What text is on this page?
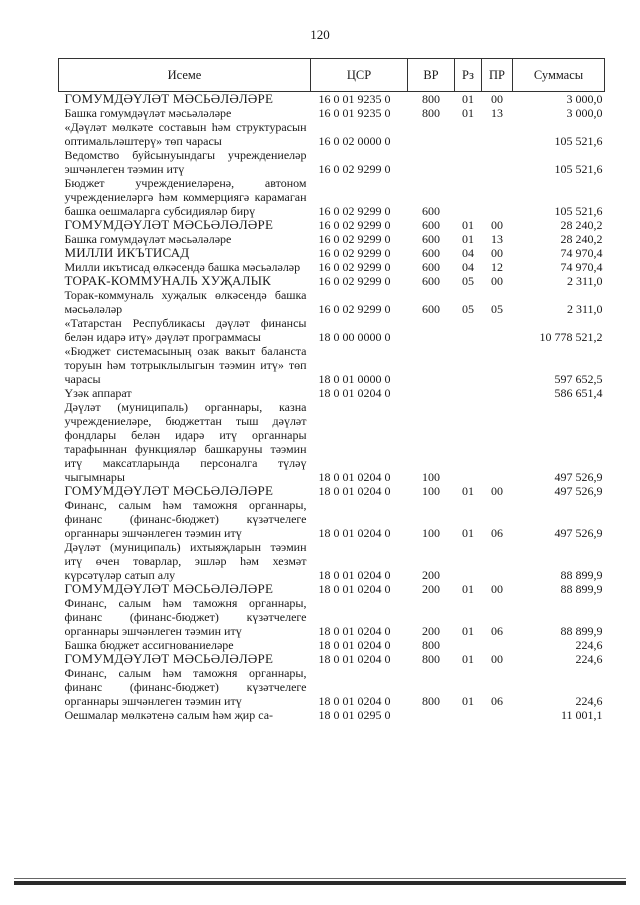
120
Исеме	ЦСР	ВР	Рз	ПР	Суммасы
ГОМУМДӘҮЛӘТ МӘСЬӘЛӘЛӘРЕ	16 0 01 9235 0	800	01	00	3 000,0
Башка гомумдәүләт мәсьәләләре	16 0 01 9235 0	800	01	13	3 000,0
«Дәүләт мөлкәте составын һәм структурасын оптимальләштерү» төп чарасы	16 0 02 0000 0				105 521,6
Ведомство буйсынуындагы учреждениеләр эшчәнлеген тәэмин итү	16 0 02 9299 0				105 521,6
Бюджет учреждениеләренә, автоном учреждениеләргә һәм коммерциягә карамаган башка оешмаларга субсидияләр бирү	16 0 02 9299 0	600			105 521,6
ГОМУМДӘҮЛӘТ МӘСЬӘЛӘЛӘРЕ	16 0 02 9299 0	600	01	00	28 240,2
Башка гомумдәүләт мәсьәләләре	16 0 02 9299 0	600	01	13	28 240,2
МИЛЛИ ИКЪТИСАД	16 0 02 9299 0	600	04	00	74 970,4
Милли икътисад өлкәсендә башка мәсьәләләр	16 0 02 9299 0	600	04	12	74 970,4
ТОРАК-КОММУНАЛЬ ХУҖАЛЫК	16 0 02 9299 0	600	05	00	2 311,0
Торак-коммуналь хуҗалык өлкәсендә башка мәсьәләләр	16 0 02 9299 0	600	05	05	2 311,0
«Татарстан Республикасы дәүләт финансы белән идарә итү» дәүләт программасы	18 0 00 0000 0				10 778 521,2
«Бюджет системасының озак вакыт баланста торуын һәм тотрыклылыгын тәэмин итү» төп чарасы	18 0 01 0000 0				597 652,5
Үзәк аппарат	18 0 01 0204 0				586 651,4
Дәүләт (муниципаль) органнары, казна учреждениеләре, бюджеттан тыш дәүләт фондлары белән идарә итү органнары тарафыннан функцияләр башкаруны тәэмин итү максатларында персоналга түләү чыгымнары	18 0 01 0204 0	100			497 526,9
ГОМУМДӘҮЛӘТ МӘСЬӘЛӘЛӘРЕ	18 0 01 0204 0	100	01	00	497 526,9
Финанс, салым һәм таможня органнары, финанс (финанс-бюджет) күзәтчелеге органнары эшчәнлеген тәэмин итү	18 0 01 0204 0	100	01	06	497 526,9
Дәүләт (муниципаль) ихтыяҗларын тәэмин итү өчен товарлар, эшләр һәм хезмәт күрсәтүләр сатып алу	18 0 01 0204 0	200			88 899,9
ГОМУМДӘҮЛӘТ МӘСЬӘЛӘЛӘРЕ	18 0 01 0204 0	200	01	00	88 899,9
Финанс, салым һәм таможня органнары, финанс (финанс-бюджет) күзәтчелеге органнары эшчәнлеген тәэмин итү	18 0 01 0204 0	200	01	06	88 899,9
Башка бюджет ассигнованиеләре	18 0 01 0204 0	800			224,6
ГОМУМДӘҮЛӘТ МӘСЬӘЛӘЛӘРЕ	18 0 01 0204 0	800	01	00	224,6
Финанс, салым һәм таможня органнары, финанс (финанс-бюджет) күзәтчелеге органнары эшчәнлеген тәэмин итү	18 0 01 0204 0	800	01	06	224,6
Оешмалар мөлкәтенә салым һәм җир са-	18 0 01 0295 0				11 001,1
